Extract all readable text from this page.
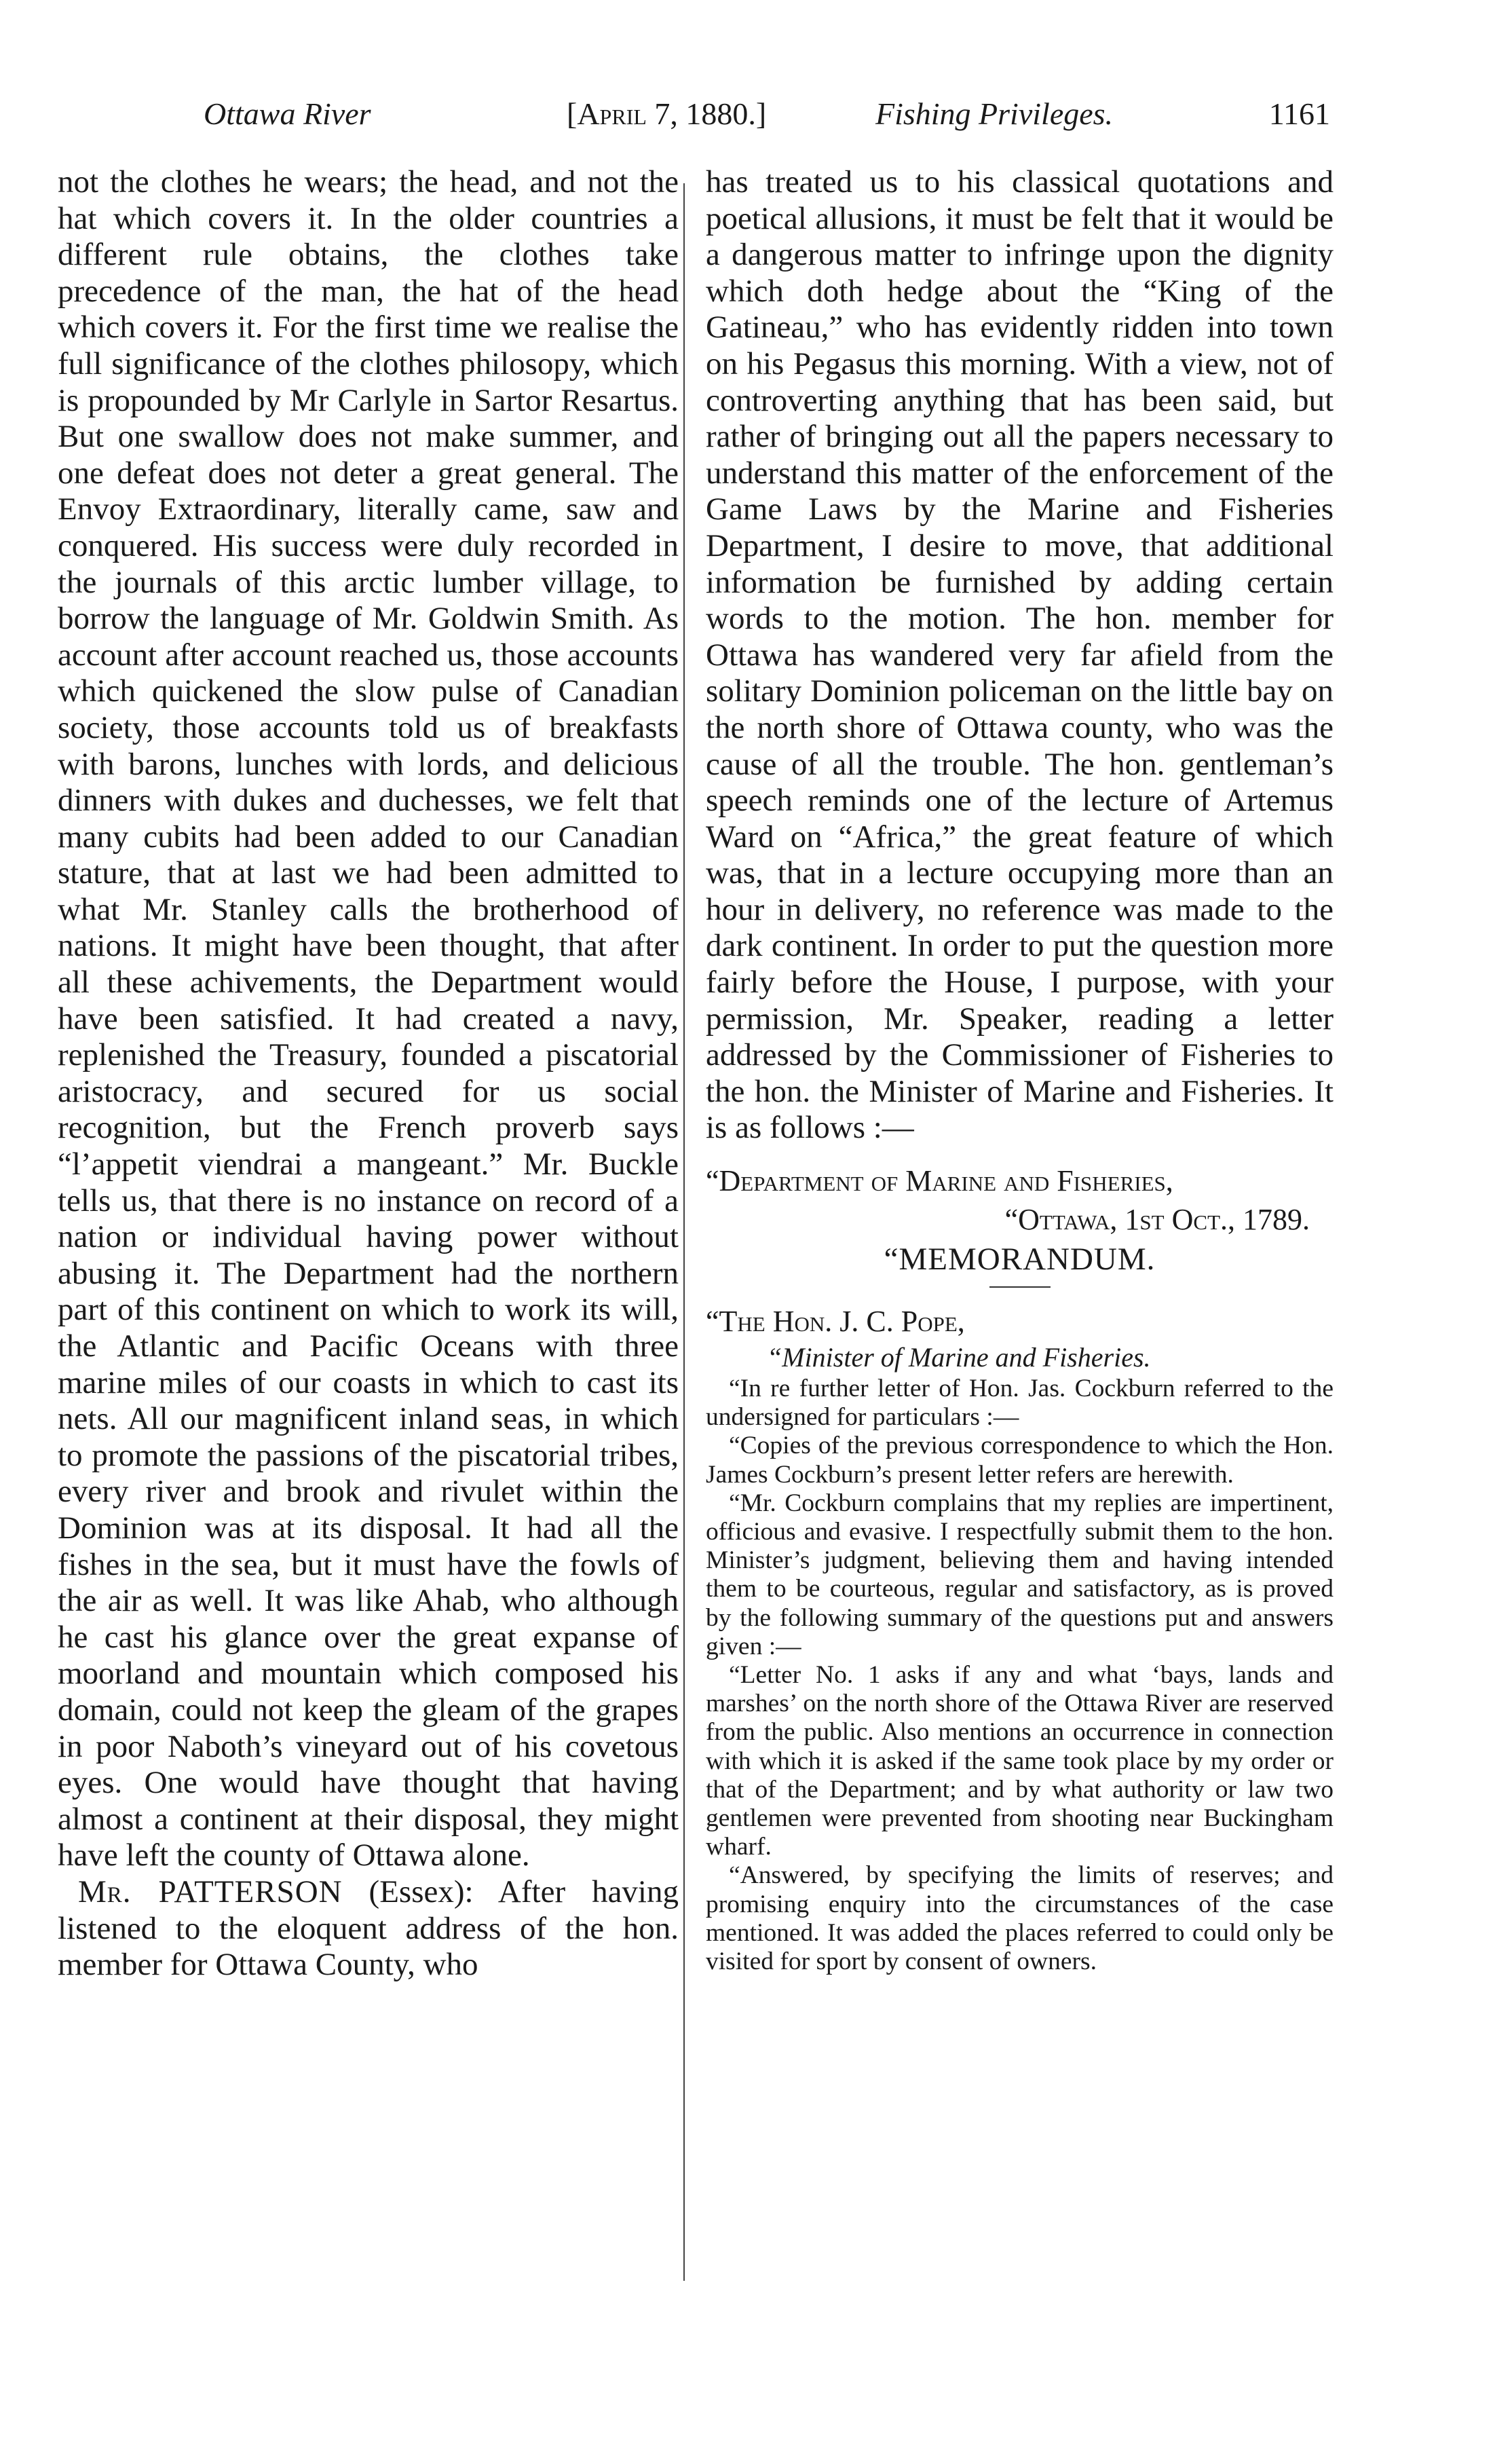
Ottawa River	[April 7, 1880.]	Fishing Privileges.	1161

not the clothes he wears; the head, and not the hat which covers it. In the older countries a different rule obtains, the clothes take precedence of the man, the hat of the head which covers it. For the first time we realise the full significance of the clothes philosopy, which is propounded by Mr Carlyle in Sartor Resartus. But one swallow does not make summer, and one defeat does not deter a great general. The Envoy Extraordinary, literally came, saw and conquered. His success were duly recorded in the journals of this arctic lumber village, to borrow the language of Mr. Goldwin Smith. As account after account reached us, those accounts which quickened the slow pulse of Canadian society, those accounts told us of breakfasts with barons, lunches with lords, and delicious dinners with dukes and duchesses, we felt that many cubits had been added to our Canadian stature, that at last we had been admitted to what Mr. Stanley calls the brotherhood of nations. It might have been thought, that after all these achivements, the Department would have been satisfied. It had created a navy, replenished the Treasury, founded a piscatorial aristocracy, and secured for us social recognition, but the French proverb says “l’appetit viendrai a mangeant.” Mr. Buckle tells us, that there is no instance on record of a nation or individual having power without abusing it. The Department had the northern part of this continent on which to work its will, the Atlantic and Pacific Oceans with three marine miles of our coasts in which to cast its nets. All our magnificent inland seas, in which to promote the passions of the piscatorial tribes, every river and brook and rivulet within the Dominion was at its disposal. It had all the fishes in the sea, but it must have the fowls of the air as well. It was like Ahab, who although he cast his glance over the great expanse of moorland and mountain which composed his domain, could not keep the gleam of the grapes in poor Naboth’s vineyard out of his covetous eyes. One would have thought that having almost a continent at their disposal, they might have left the county of Ottawa alone.

Mr. PATTERSON (Essex): After having listened to the eloquent address of the hon. member for Ottawa County, who

has treated us to his classical quotations and poetical allusions, it must be felt that it would be a dangerous matter to infringe upon the dignity which doth hedge about the “King of the Gatineau,” who has evidently ridden into town on his Pegasus this morning. With a view, not of controverting anything that has been said, but rather of bringing out all the papers necessary to understand this matter of the enforcement of the Game Laws by the Marine and Fisheries Department, I desire to move, that additional information be furnished by adding certain words to the motion. The hon. member for Ottawa has wandered very far afield from the solitary Dominion policeman on the little bay on the north shore of Ottawa county, who was the cause of all the trouble. The hon. gentleman’s speech reminds one of the lecture of Artemus Ward on “Africa,” the great feature of which was, that in a lecture occupying more than an hour in delivery, no reference was made to the dark continent. In order to put the question more fairly before the House, I purpose, with your permission, Mr. Speaker, reading a letter addressed by the Commissioner of Fisheries to the hon. the Minister of Marine and Fisheries. It is as follows :—

“Department of Marine and Fisheries,

“Ottawa, 1st Oct., 1789.

“MEMORANDUM.

“The Hon. J. C. Pope,

“Minister of Marine and Fisheries.

“In re further letter of Hon. Jas. Cockburn referred to the undersigned for particulars :—

“Copies of the previous correspondence to which the Hon. James Cockburn’s present letter refers are herewith.

“Mr. Cockburn complains that my replies are impertinent, officious and evasive. I respectfully submit them to the hon. Minister’s judgment, believing them and having intended them to be courteous, regular and satisfactory, as is proved by the following summary of the questions put and answers given :—

“Letter No. 1 asks if any and what ‘bays, lands and marshes’ on the north shore of the Ottawa River are reserved from the public. Also mentions an occurrence in connection with which it is asked if the same took place by my order or that of the Department; and by what authority or law two gentlemen were prevented from shooting near Buckingham wharf.

“Answered, by specifying the limits of reserves; and promising enquiry into the circumstances of the case mentioned. It was added the places referred to could only be visited for sport by consent of owners.
